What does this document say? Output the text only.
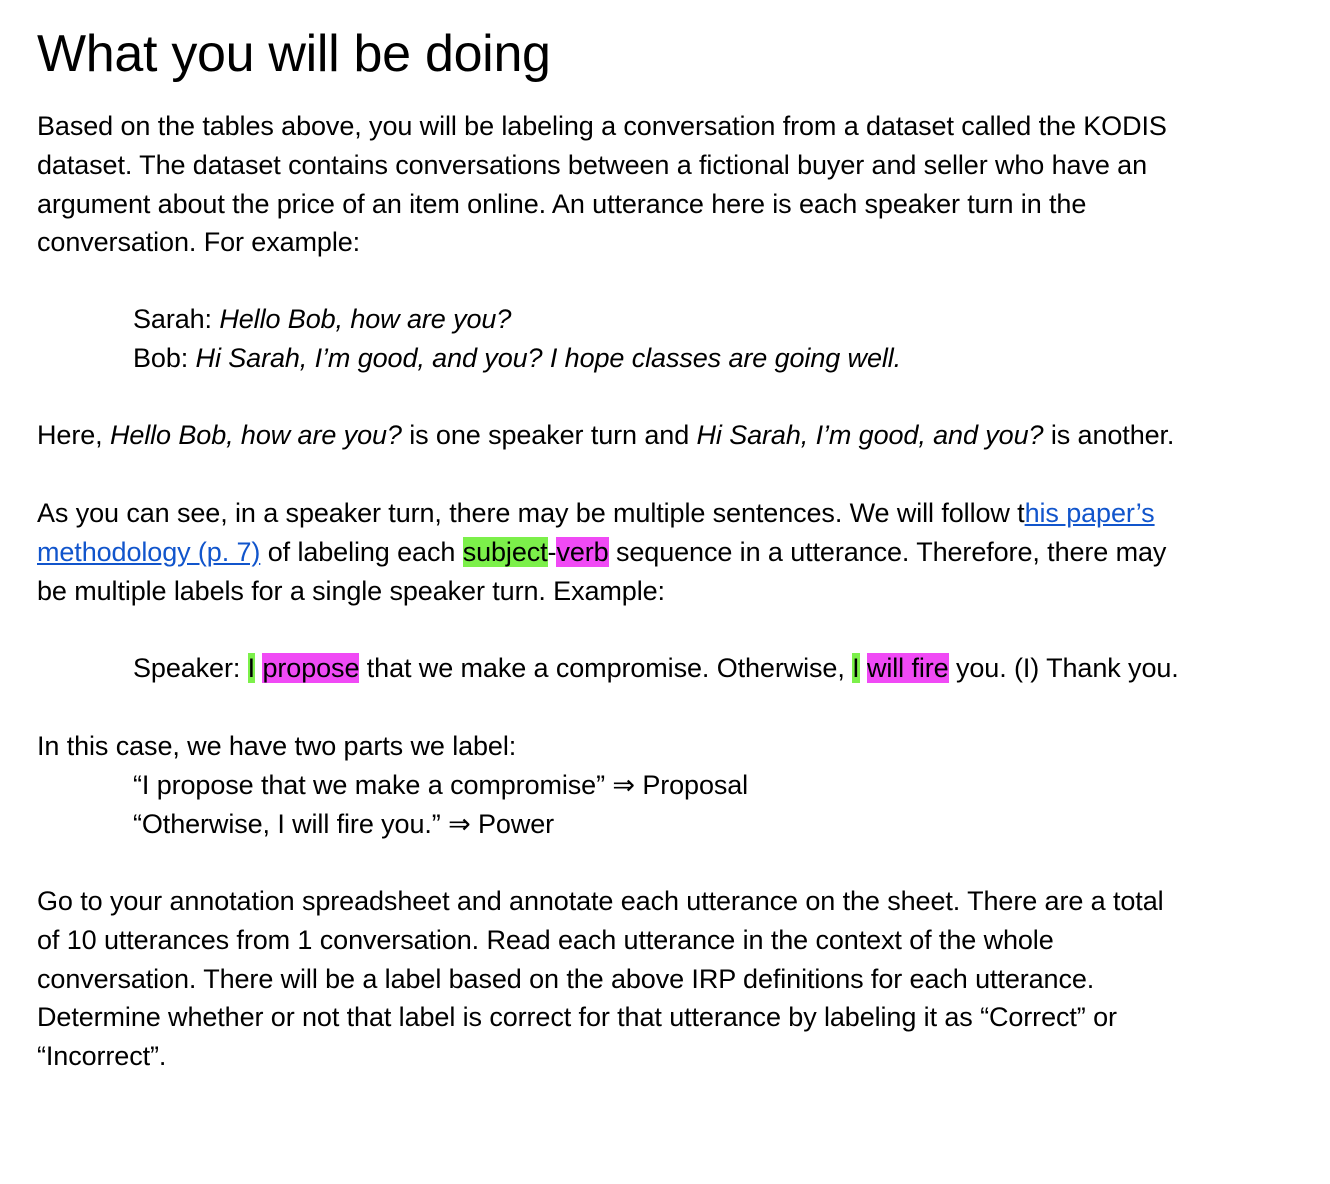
What you will be doing

Based on the tables above, you will be labeling a conversation from a dataset called the KODIS
dataset. The dataset contains conversations between a fictional buyer and seller who have an
argument about the price of an item online. An utterance here is each speaker turn in the
conversation. For example:

Sarah: Hello Bob, how are you?
Bob: Hi Sarah, I’m good, and you? I hope classes are going well.

Here, Hello Bob, how are you? is one speaker turn and Hi Sarah, I’m good, and you? is another.

As you can see, in a speaker turn, there may be multiple sentences. We will follow this paper’s
methodology (p. 7) of labeling each subject-verb sequence in a utterance. Therefore, there may
be multiple labels for a single speaker turn. Example:

Speaker: I propose that we make a compromise. Otherwise, I will fire you. (I) Thank you.

In this case, we have two parts we label:
“I propose that we make a compromise” ⇒ Proposal
“Otherwise, I will fire you.” ⇒ Power

Go to your annotation spreadsheet and annotate each utterance on the sheet. There are a total
of 10 utterances from 1 conversation. Read each utterance in the context of the whole
conversation. There will be a label based on the above IRP definitions for each utterance.
Determine whether or not that label is correct for that utterance by labeling it as “Correct” or
“Incorrect”.
